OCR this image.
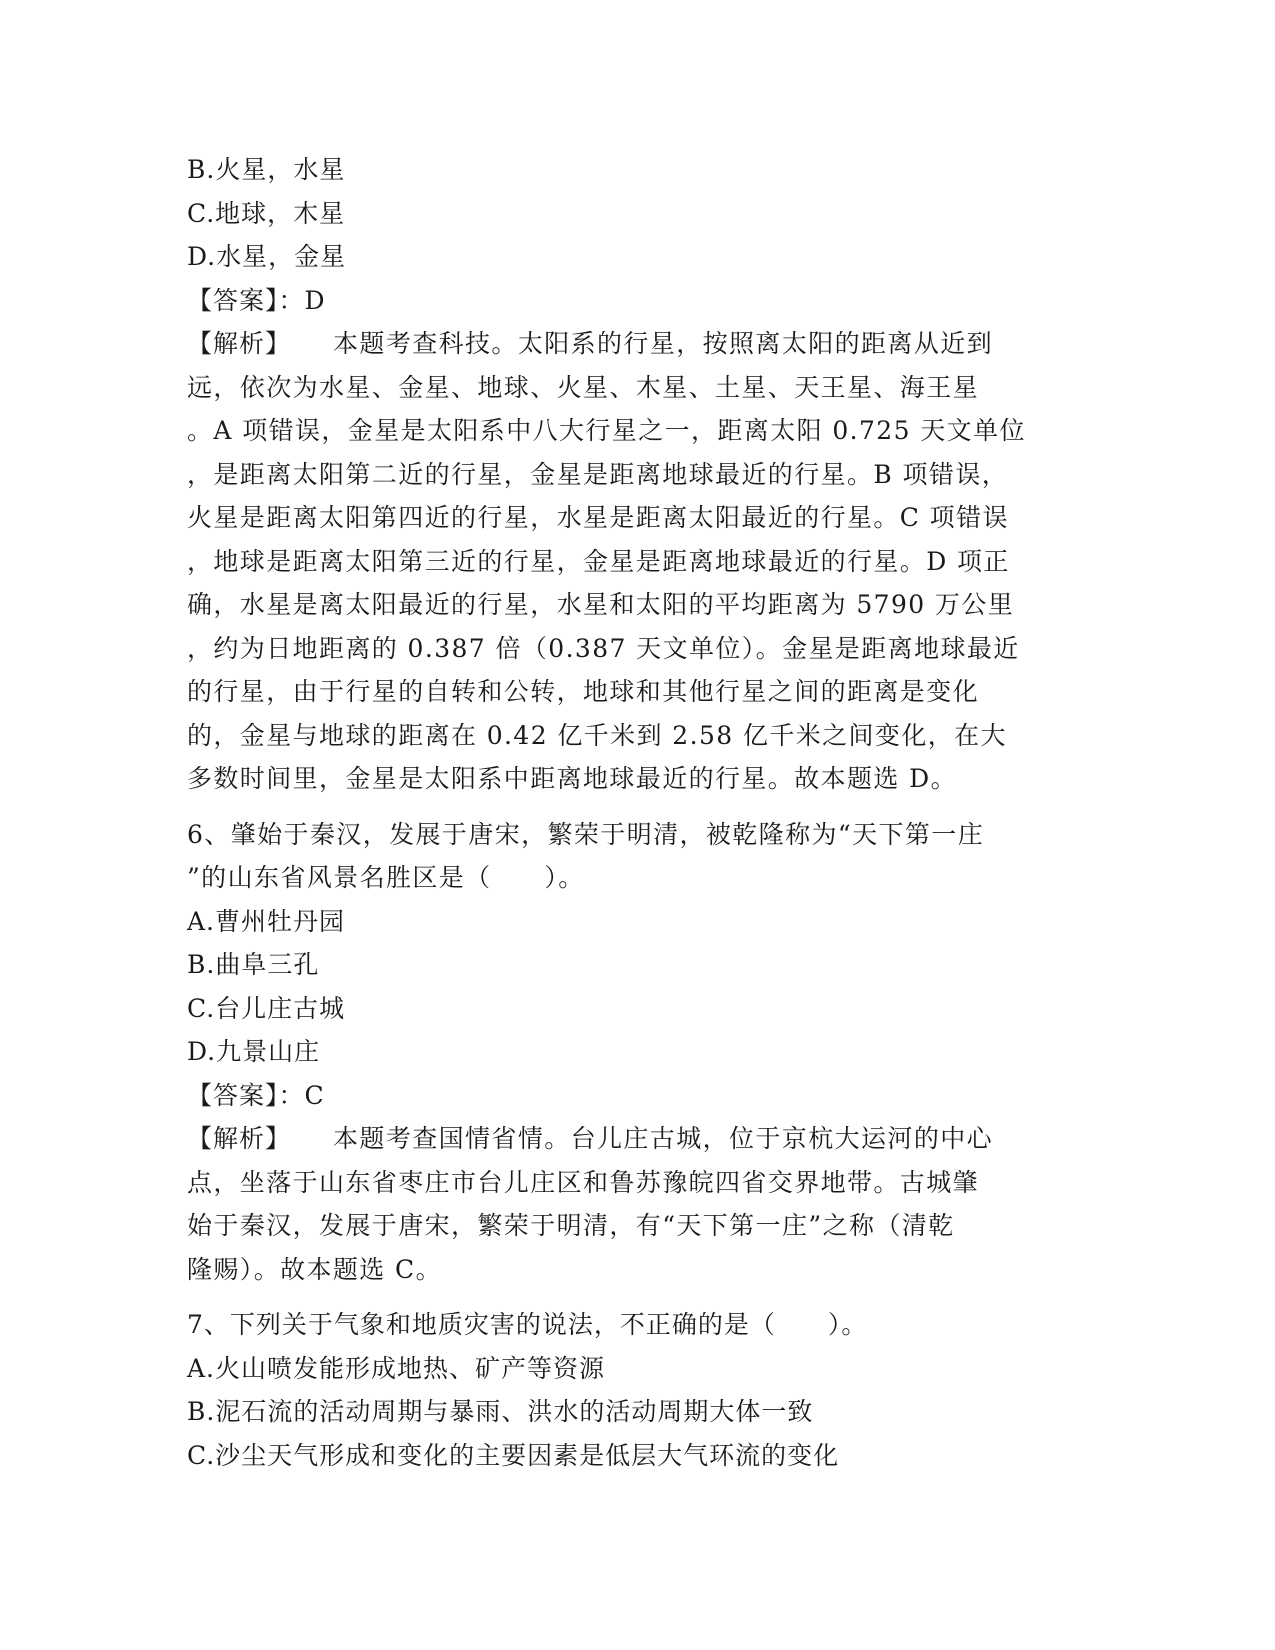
B.火星，水星
C.地球，木星
D.水星，金星
【答案】：D
【解析】 本题考查科技。太阳系的行星，按照离太阳的距离从近到
远，依次为水星、金星、地球、火星、木星、土星、天王星、海王星
。A 项错误，金星是太阳系中八大行星之一，距离太阳 0.725 天文单位
，是距离太阳第二近的行星，金星是距离地球最近的行星。B 项错误，
火星是距离太阳第四近的行星，水星是距离太阳最近的行星。C 项错误
，地球是距离太阳第三近的行星，金星是距离地球最近的行星。D 项正
确，水星是离太阳最近的行星，水星和太阳的平均距离为 5790 万公里
，约为日地距离的 0.387 倍（0.387 天文单位）。金星是距离地球最近
的行星，由于行星的自转和公转，地球和其他行星之间的距离是变化
的，金星与地球的距离在 0.42 亿千米到 2.58 亿千米之间变化，在大
多数时间里，金星是太阳系中距离地球最近的行星。故本题选 D。
6、肇始于秦汉，发展于唐宋，繁荣于明清，被乾隆称为“天下第一庄
”的山东省风景名胜区是（　　）。
A.曹州牡丹园
B.曲阜三孔
C.台儿庄古城
D.九景山庄
【答案】：C
【解析】 本题考查国情省情。台儿庄古城，位于京杭大运河的中心
点，坐落于山东省枣庄市台儿庄区和鲁苏豫皖四省交界地带。古城肇
始于秦汉，发展于唐宋，繁荣于明清，有“天下第一庄”之称（清乾
隆赐）。故本题选 C。
7、下列关于气象和地质灾害的说法，不正确的是（　　）。
A.火山喷发能形成地热、矿产等资源
B.泥石流的活动周期与暴雨、洪水的活动周期大体一致
C.沙尘天气形成和变化的主要因素是低层大气环流的变化
